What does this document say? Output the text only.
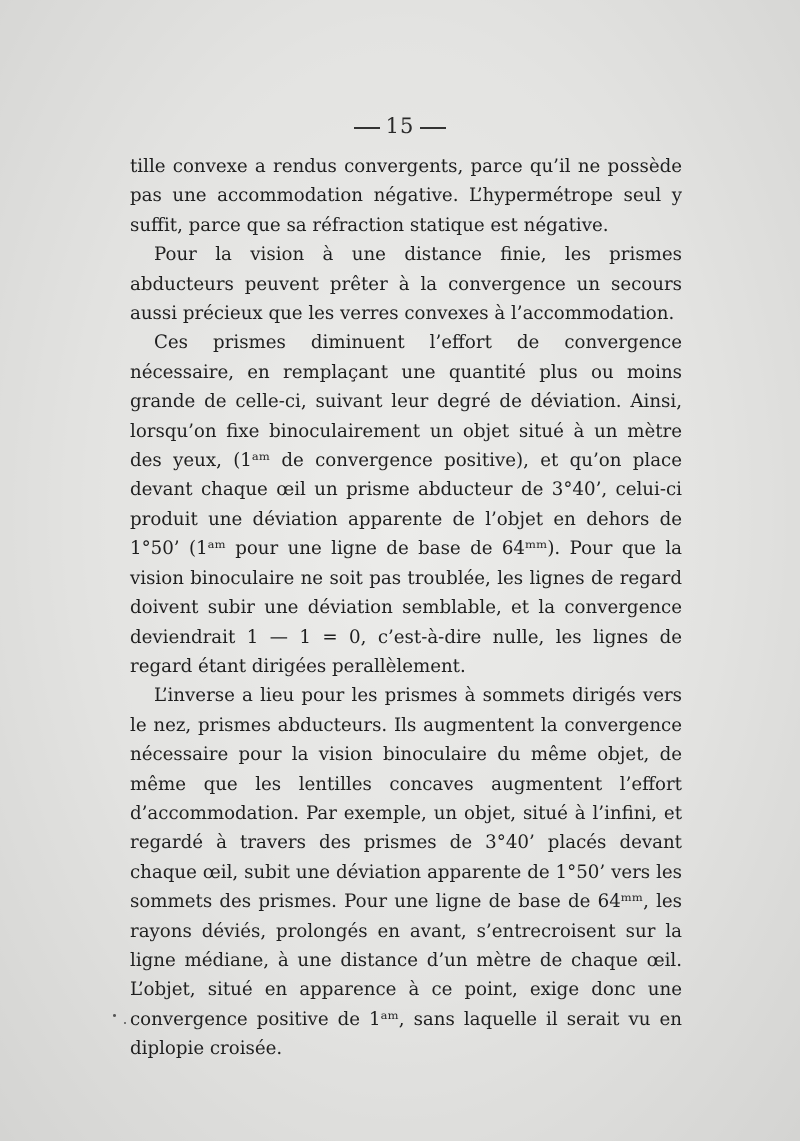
15

tille convexe a rendus convergents, parce qu’il ne possède pas une accommodation négative. L’hypermétrope seul y suffit, parce que sa réfraction statique est négative.

Pour la vision à une distance finie, les prismes abducteurs peuvent prêter à la convergence un secours aussi précieux que les verres convexes à l’accommodation.

Ces prismes diminuent l’effort de convergence nécessaire, en remplaçant une quantité plus ou moins grande de celle-ci, suivant leur degré de déviation. Ainsi, lorsqu’on fixe binoculairement un objet situé à un mètre des yeux, (1ᵃᵐ de convergence positive), et qu’on place devant chaque œil un prisme abducteur de 3°40’, celui-ci produit une déviation apparente de l’objet en dehors de 1°50’ (1ᵃᵐ pour une ligne de base de 64ᵐᵐ). Pour que la vision binoculaire ne soit pas troublée, les lignes de regard doivent subir une déviation semblable, et la convergence deviendrait 1 — 1 = 0, c’est-à-dire nulle, les lignes de regard étant dirigées perallèlement.

L’inverse a lieu pour les prismes à sommets dirigés vers le nez, prismes abducteurs. Ils augmentent la convergence nécessaire pour la vision binoculaire du même objet, de même que les lentilles concaves augmentent l’effort d’accommodation. Par exemple, un objet, situé à l’infini, et regardé à travers des prismes de 3°40’ placés devant chaque œil, subit une déviation apparente de 1°50’ vers les sommets des prismes. Pour une ligne de base de 64ᵐᵐ, les rayons déviés, prolongés en avant, s’entrecroisent sur la ligne médiane, à une distance d’un mètre de chaque œil. L’objet, situé en apparence à ce point, exige donc une convergence positive de 1ᵃᵐ, sans laquelle il serait vu en diplopie croisée.
